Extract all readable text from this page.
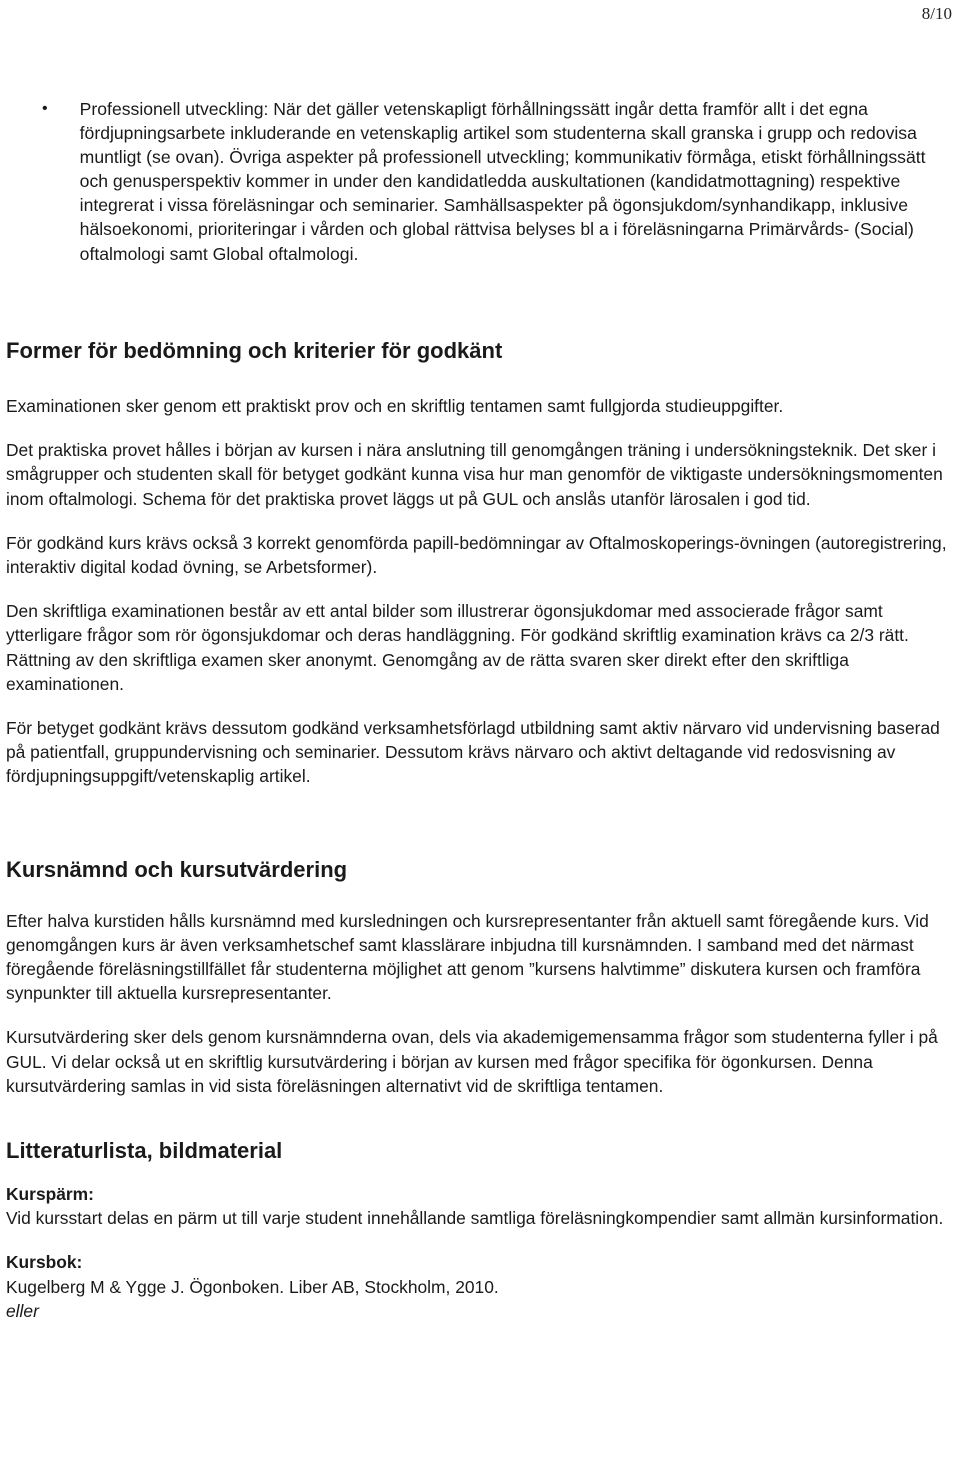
8/10
•	Professionell utveckling: När det gäller vetenskapligt förhållningssätt ingår detta framför allt i det egna fördjupningsarbete inkluderande en vetenskaplig artikel som studenterna skall granska i grupp och redovisa muntligt (se ovan). Övriga aspekter på professionell utveckling; kommunikativ förmåga, etiskt förhållningssätt och genusperspektiv kommer in under den kandidatledda auskultationen (kandidatmottagning) respektive integrerat i vissa föreläsningar och seminarier. Samhällsaspekter på ögonsjukdom/synhandikapp, inklusive hälsoekonomi, prioriteringar i vården och global rättvisa belyses bl a i föreläsningarna Primärvårds- (Social) oftalmologi samt Global oftalmologi.
Former för bedömning och kriterier för godkänt

Examinationen sker genom ett praktiskt prov och en skriftlig tentamen samt fullgjorda studieuppgifter.

Det praktiska provet hålles i början av kursen i nära anslutning till genomgången träning i undersökningsteknik. Det sker i smågrupper och studenten skall för betyget godkänt kunna visa hur man genomför de viktigaste undersökningsmomenten inom oftalmologi. Schema för det praktiska provet läggs ut på GUL och anslås utanför lärosalen i god tid.

För godkänd kurs krävs också 3 korrekt genomförda papill-bedömningar av Oftalmoskoperings-övningen (autoregistrering, interaktiv digital kodad övning, se Arbetsformer).

Den skriftliga examinationen består av ett antal bilder som illustrerar ögonsjukdomar med associerade frågor samt ytterligare frågor som rör ögonsjukdomar och deras handläggning. För godkänd skriftlig examination krävs ca 2/3 rätt. Rättning av den skriftliga examen sker anonymt. Genomgång av de rätta svaren sker direkt efter den skriftliga examinationen.

För betyget godkänt krävs dessutom godkänd verksamhetsförlagd utbildning samt aktiv närvaro vid undervisning baserad på patientfall, gruppundervisning och seminarier. Dessutom krävs närvaro och aktivt deltagande vid redosvisning av fördjupningsuppgift/vetenskaplig artikel.

Kursnämnd och kursutvärdering

Efter halva kurstiden hålls kursnämnd med kursledningen och kursrepresentanter från aktuell samt föregående kurs. Vid genomgången kurs är även verksamhetschef samt klasslärare inbjudna till kursnämnden. I samband med det närmast föregående föreläsningstillfället får studenterna möjlighet att genom ”kursens halvtimme” diskutera kursen och framföra synpunkter till aktuella kursrepresentanter.

Kursutvärdering sker dels genom kursnämnderna ovan, dels via akademigemensamma frågor som studenterna fyller i på GUL. Vi delar också ut en skriftlig kursutvärdering i början av kursen med frågor specifika för ögonkursen. Denna kursutvärdering samlas in vid sista föreläsningen alternativt vid de skriftliga tentamen.

Litteraturlista, bildmaterial
Kurspärm:

Vid kursstart delas en pärm ut till varje student innehållande samtliga föreläsningkompendier samt allmän kursinformation.

Kursbok:

Kugelberg M & Ygge J. Ögonboken. Liber AB, Stockholm, 2010.

eller
